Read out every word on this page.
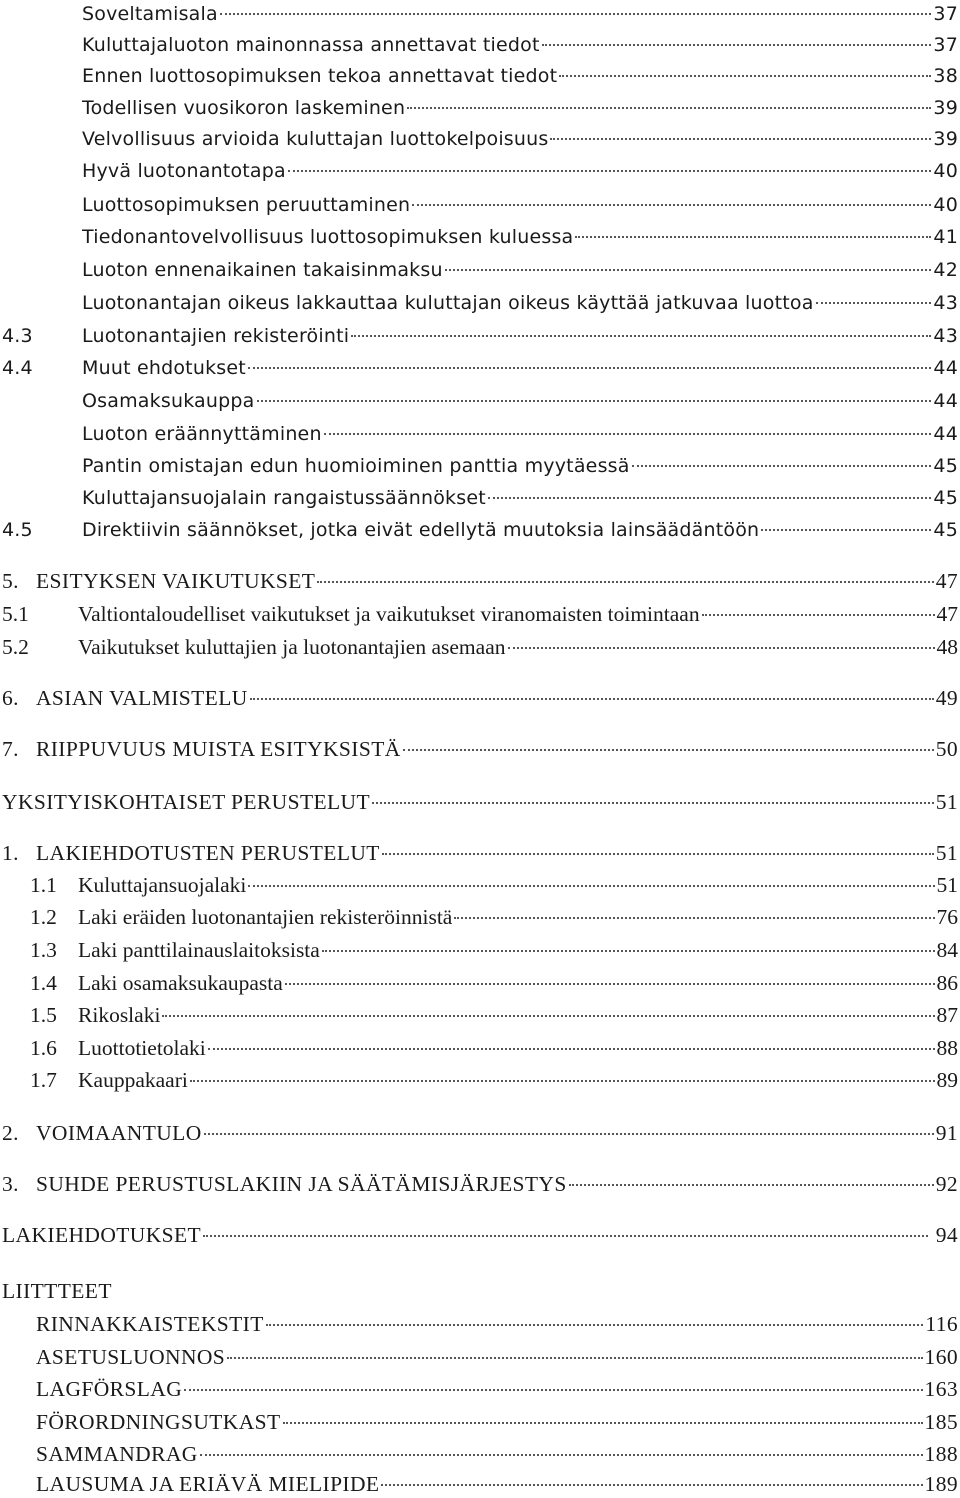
Soveltamisala	37
Kuluttajaluoton mainonnassa annettavat tiedot	37
Ennen luottosopimuksen tekoa annettavat tiedot	38
Todellisen vuosikoron laskeminen	39
Velvollisuus arvioida kuluttajan luottokelpoisuus	39
Hyvä luotonantotapa	40
Luottosopimuksen peruuttaminen	40
Tiedonantovelvollisuus luottosopimuksen kuluessa	41
Luoton ennenaikainen takaisinmaksu	42
Luotonantajan oikeus lakkauttaa kuluttajan oikeus käyttää jatkuvaa luottoa	43
4.3	Luotonantajien rekisteröinti	43
4.4	Muut ehdotukset	44
Osamaksukauppa	44
Luoton eräännyttäminen	44
Pantin omistajan edun huomioiminen panttia myytäessä	45
Kuluttajansuojalain rangaistussäännökset	45
4.5	Direktiivin säännökset, jotka eivät edellytä muutoksia lainsäädäntöön	45
5. ESITYKSEN VAIKUTUKSET	47
5.1	Valtiontaloudelliset vaikutukset ja vaikutukset viranomaisten toimintaan	47
5.2	Vaikutukset kuluttajien ja luotonantajien asemaan	48
6. ASIAN VALMISTELU	49
7. RIIPPUVUUS MUISTA ESITYKSISTÄ	50
YKSITYISKOHTAISET PERUSTELUT	51
1. LAKIEHDOTUSTEN PERUSTELUT	51
1.1 Kuluttajansuojalaki	51
1.2 Laki eräiden luotonantajien rekisteröinnistä	76
1.3 Laki panttilainauslaitoksista	84
1.4 Laki osamaksukaupasta	86
1.5 Rikoslaki	87
1.6 Luottotietolaki	88
1.7 Kauppakaari	89
2. VOIMAANTULO	91
3. SUHDE PERUSTUSLAKIIN JA SÄÄTÄMISJÄRJESTYS	92
LAKIEHDOTUKSET	94
LIITTTEET
RINNAKKAISTEKSTIT	116
ASETUSLUONNOS	160
LAGFÖRSLAG	163
FÖRORDNINGSUTKAST	185
SAMMANDRAG	188
LAUSUMA JA ERIÄVÄ MIELIPIDE	189
